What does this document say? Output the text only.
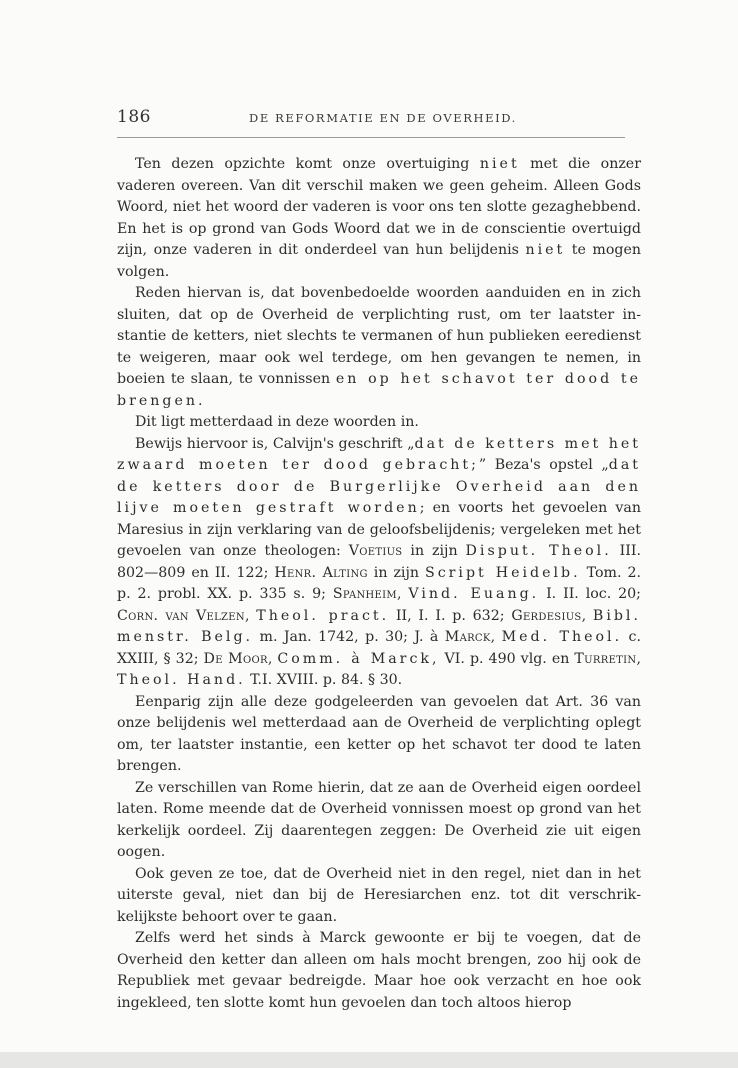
186	DE REFORMATIE EN DE OVERHEID.

Ten dezen opzichte komt onze overtuiging niet met die onzer vaderen overeen. Van dit verschil maken we geen geheim. Alleen Gods Woord, niet het woord der vaderen is voor ons ten slotte gezaghebbend. En het is op grond van Gods Woord dat we in de conscientie overtuigd zijn, onze vaderen in dit onderdeel van hun belijdenis niet te mogen volgen.

Reden hiervan is, dat bovenbedoelde woorden aanduiden en in zich sluiten, dat op de Overheid de verplichting rust, om ter laatster instantie de ketters, niet slechts te vermanen of hun publieken eeredienst te weigeren, maar ook wel terdege, om hen gevangen te nemen, in boeien te slaan, te vonnissen en op het schavot ter dood te brengen.

Dit ligt metterdaad in deze woorden in.

Bewijs hiervoor is, Calvijn's geschrift „dat de ketters met het zwaard moeten ter dood gebracht;” Beza's opstel „dat de ketters door de Burgerlijke Overheid aan den lijve moeten gestraft worden; en voorts het gevoelen van Maresius in zijn verklaring van de geloofsbelijdenis; vergeleken met het gevoelen van onze theologen: Voetius in zijn Disput. Theol. III. 802—809 en II. 122; Henr. Alting in zijn Script Heidelb. Tom. 2. p. 2. probl. XX. p. 335 s. 9; Spanheim, Vind. Euang. I. II. loc. 20; Corn. van Velzen, Theol. pract. II, I. I. p. 632; Gerdesius, Bibl. menstr. Belg. m. Jan. 1742, p. 30; J. à Marck, Med. Theol. c. XXIII, § 32; De Moor, Comm. à Marck, VI. p. 490 vlg. en Turretin, Theol. Hand. T.I. XVIII. p. 84. § 30.

Eenparig zijn alle deze godgeleerden van gevoelen dat Art. 36 van onze belijdenis wel metterdaad aan de Overheid de verplichting oplegt om, ter laatster instantie, een ketter op het schavot ter dood te laten brengen.

Ze verschillen van Rome hierin, dat ze aan de Overheid eigen oordeel laten. Rome meende dat de Overheid vonnissen moest op grond van het kerkelijk oordeel. Zij daarentegen zeggen: De Overheid zie uit eigen oogen.

Ook geven ze toe, dat de Overheid niet in den regel, niet dan in het uiterste geval, niet dan bij de Heresiarchen enz. tot dit verschrikkelijkste behoort over te gaan.

Zelfs werd het sinds à Marck gewoonte er bij te voegen, dat de Overheid den ketter dan alleen om hals mocht brengen, zoo hij ook de Republiek met gevaar bedreigde. Maar hoe ook verzacht en hoe ook ingekleed, ten slotte komt hun gevoelen dan toch altoos hierop
